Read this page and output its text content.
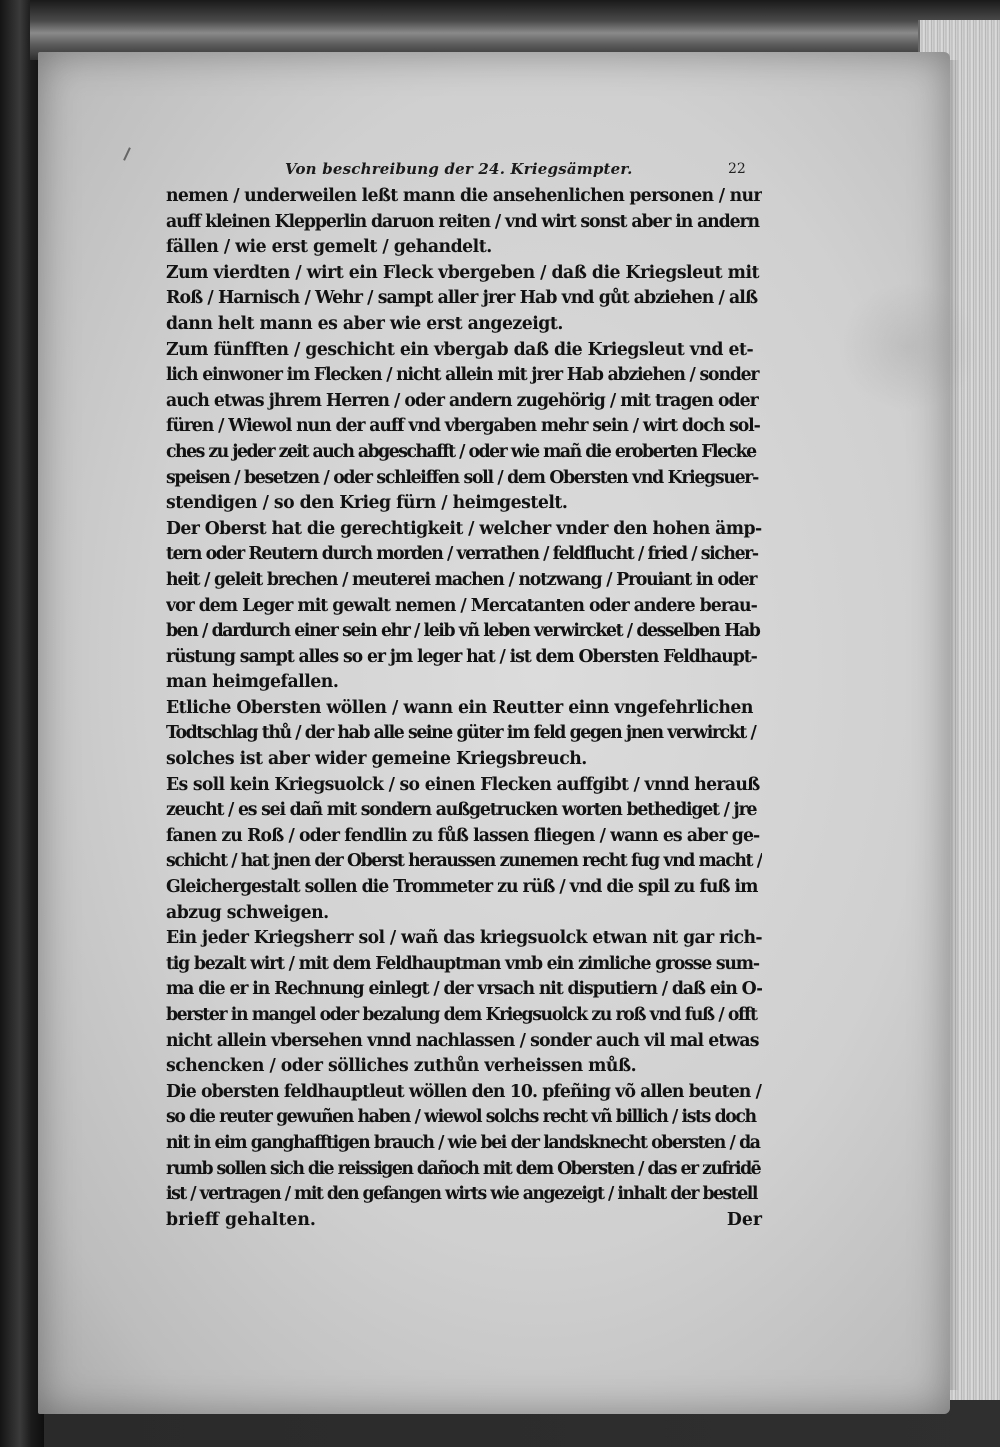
Von beschreibung der 24. Kriegsämpter.	22
nemen / underweilen leßt mann die ansehenlichen personen / nur
auff kleinen Klepperlin daruon reiten / vnd wirt sonst aber in andern
fällen / wie erst gemelt / gehandelt.
Zum vierdten / wirt ein Fleck vbergeben / daß die Kriegsleut mit
Roß / Harnisch / Wehr / sampt aller jrer Hab vnd gůt abziehen / alß
dann helt mann es aber wie erst angezeigt.
Zum fünfften / geschicht ein vbergab daß die Kriegsleut vnd et-
lich einwoner im Flecken / nicht allein mit jrer Hab abziehen / sonder
auch etwas jhrem Herren / oder andern zugehörig / mit tragen oder
füren / Wiewol nun der auff vnd vbergaben mehr sein / wirt doch sol-
ches zu jeder zeit auch abgeschafft / oder wie mañ die eroberten Flecke
speisen / besetzen / oder schleiffen soll / dem Obersten vnd Kriegsuer-
stendigen / so den Krieg fürn / heimgestelt.
Der Oberst hat die gerechtigkeit / welcher vnder den hohen ämp-
tern oder Reutern durch morden / verrathen / feldflucht / fried / sicher-
heit / geleit brechen / meuterei machen / notzwang / Prouiant in oder
vor dem Leger mit gewalt nemen / Mercatanten oder andere berau-
ben / dardurch einer sein ehr / leib vñ leben verwircket / desselben Hab
rüstung sampt alles so er jm leger hat / ist dem Obersten Feldhaupt-
man heimgefallen.
Etliche Obersten wöllen / wann ein Reutter einn vngefehrlichen
Todtschlag thů / der hab alle seine güter im feld gegen jnen verwirckt /
solches ist aber wider gemeine Kriegsbreuch.
Es soll kein Kriegsuolck / so einen Flecken auffgibt / vnnd herauß
zeucht / es sei dañ mit sondern außgetrucken worten bethediget / jre
fanen zu Roß / oder fendlin zu fůß lassen fliegen / wann es aber ge-
schicht / hat jnen der Oberst heraussen zunemen recht fug vnd macht /
Gleichergestalt sollen die Trommeter zu rüß / vnd die spil zu fuß im
abzug schweigen.
Ein jeder Kriegsherr sol / wañ das kriegsuolck etwan nit gar rich-
tig bezalt wirt / mit dem Feldhauptman vmb ein zimliche grosse sum-
ma die er in Rechnung einlegt / der vrsach nit disputiern / daß ein O-
berster in mangel oder bezalung dem Kriegsuolck zu roß vnd fuß / offt
nicht allein vbersehen vnnd nachlassen / sonder auch vil mal etwas
schencken / oder sölliches zuthůn verheissen můß.
Die obersten feldhauptleut wöllen den 10. pfeñing võ allen beuten /
so die reuter gewuñen haben / wiewol solchs recht vñ billich / ists doch
nit in eim ganghafftigen brauch / wie bei der landsknecht obersten / da
rumb sollen sich die reissigen dañoch mit dem Obersten / das er zufridē
ist / vertragen / mit den gefangen wirts wie angezeigt / inhalt der bestell
brieff gehalten.	Der
